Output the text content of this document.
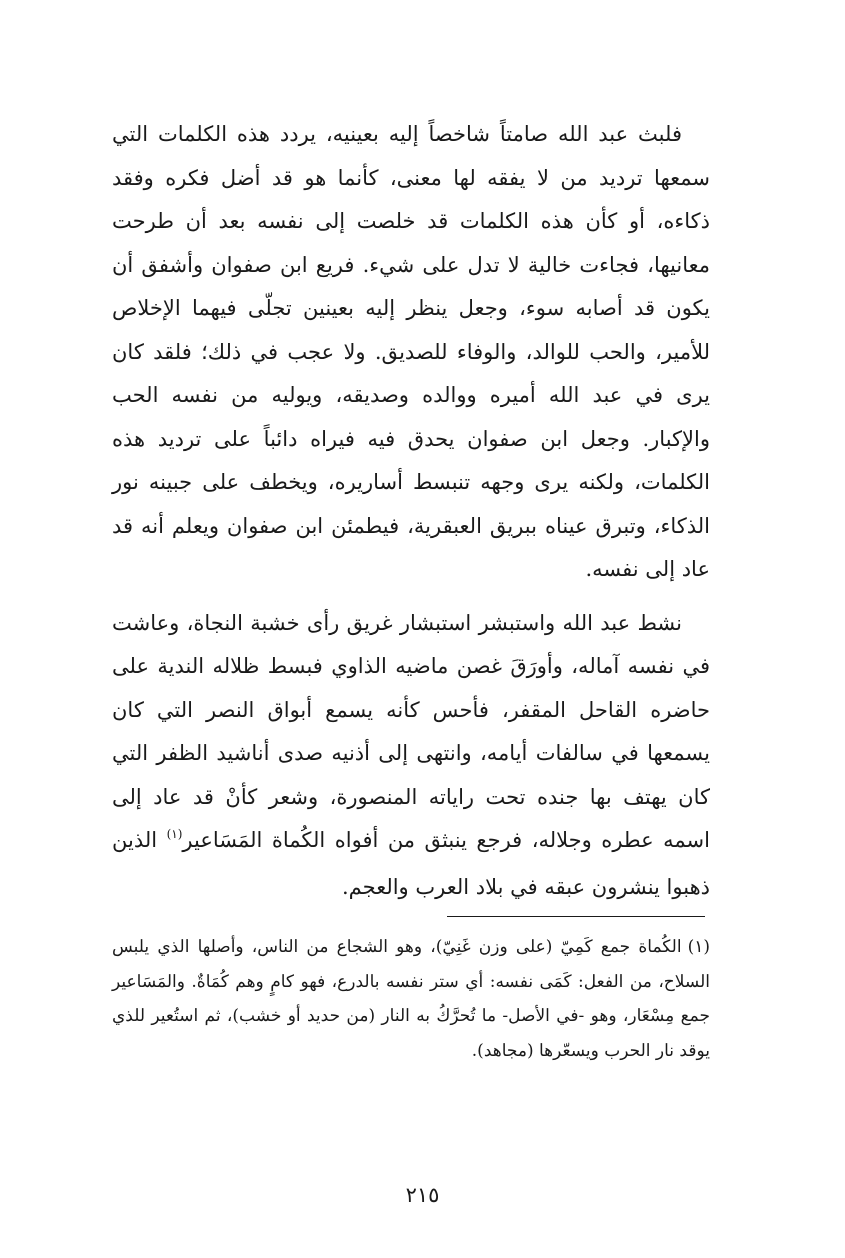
فلبث عبد الله صامتاً شاخصاً إليه بعينيه، يردد هذه الكلمات التي سمعها ترديد من لا يفقه لها معنى، كأنما هو قد أضل فكره وفقد ذكاءه، أو كأن هذه الكلمات قد خلصت إلى نفسه بعد أن طرحت معانيها، فجاءت خالية لا تدل على شيء. فريع ابن صفوان وأشفق أن يكون قد أصابه سوء، وجعل ينظر إليه بعينين تجلّى فيهما الإخلاص للأمير، والحب للوالد، والوفاء للصديق. ولا عجب في ذلك؛ فلقد كان يرى في عبد الله أميره ووالده وصديقه، ويوليه من نفسه الحب والإكبار. وجعل ابن صفوان يحدق فيه فيراه دائباً على ترديد هذه الكلمات، ولكنه يرى وجهه تنبسط أساريره، ويخطف على جبينه نور الذكاء، وتبرق عيناه ببريق العبقرية، فيطمئن ابن صفوان ويعلم أنه قد عاد إلى نفسه.

نشط عبد الله واستبشر استبشار غريق رأى خشبة النجاة، وعاشت في نفسه آماله، وأورَقَ غصن ماضيه الذاوي فبسط ظلاله الندية على حاضره القاحل المقفر، فأحس كأنه يسمع أبواق النصر التي كان يسمعها في سالفات أيامه، وانتهى إلى أذنيه صدى أناشيد الظفر التي كان يهتف بها جنده تحت راياته المنصورة، وشعر كأنْ قد عاد إلى اسمه عطره وجلاله، فرجع ينبثق من أفواه الكُماة المَسَاعير$^{(١)}$ الذين ذهبوا ينشرون عبقه في بلاد العرب والعجم.

(١)الكُماة جمع كَمِيّ (على وزن غَنِيّ)، وهو الشجاع من الناس، وأصلها الذي يلبس السلاح، من الفعل: كَمَى نفسه: أي ستر نفسه بالدرع، فهو كامٍ وهم كُمَاةٌ. والمَسَاعير جمع مِسْعَار، وهو -في الأصل- ما تُحرَّكُ به النار (من حديد أو خشب)، ثم استُعير للذي يوقد نار الحرب ويسعّرها (مجاهد).

٢١٥
